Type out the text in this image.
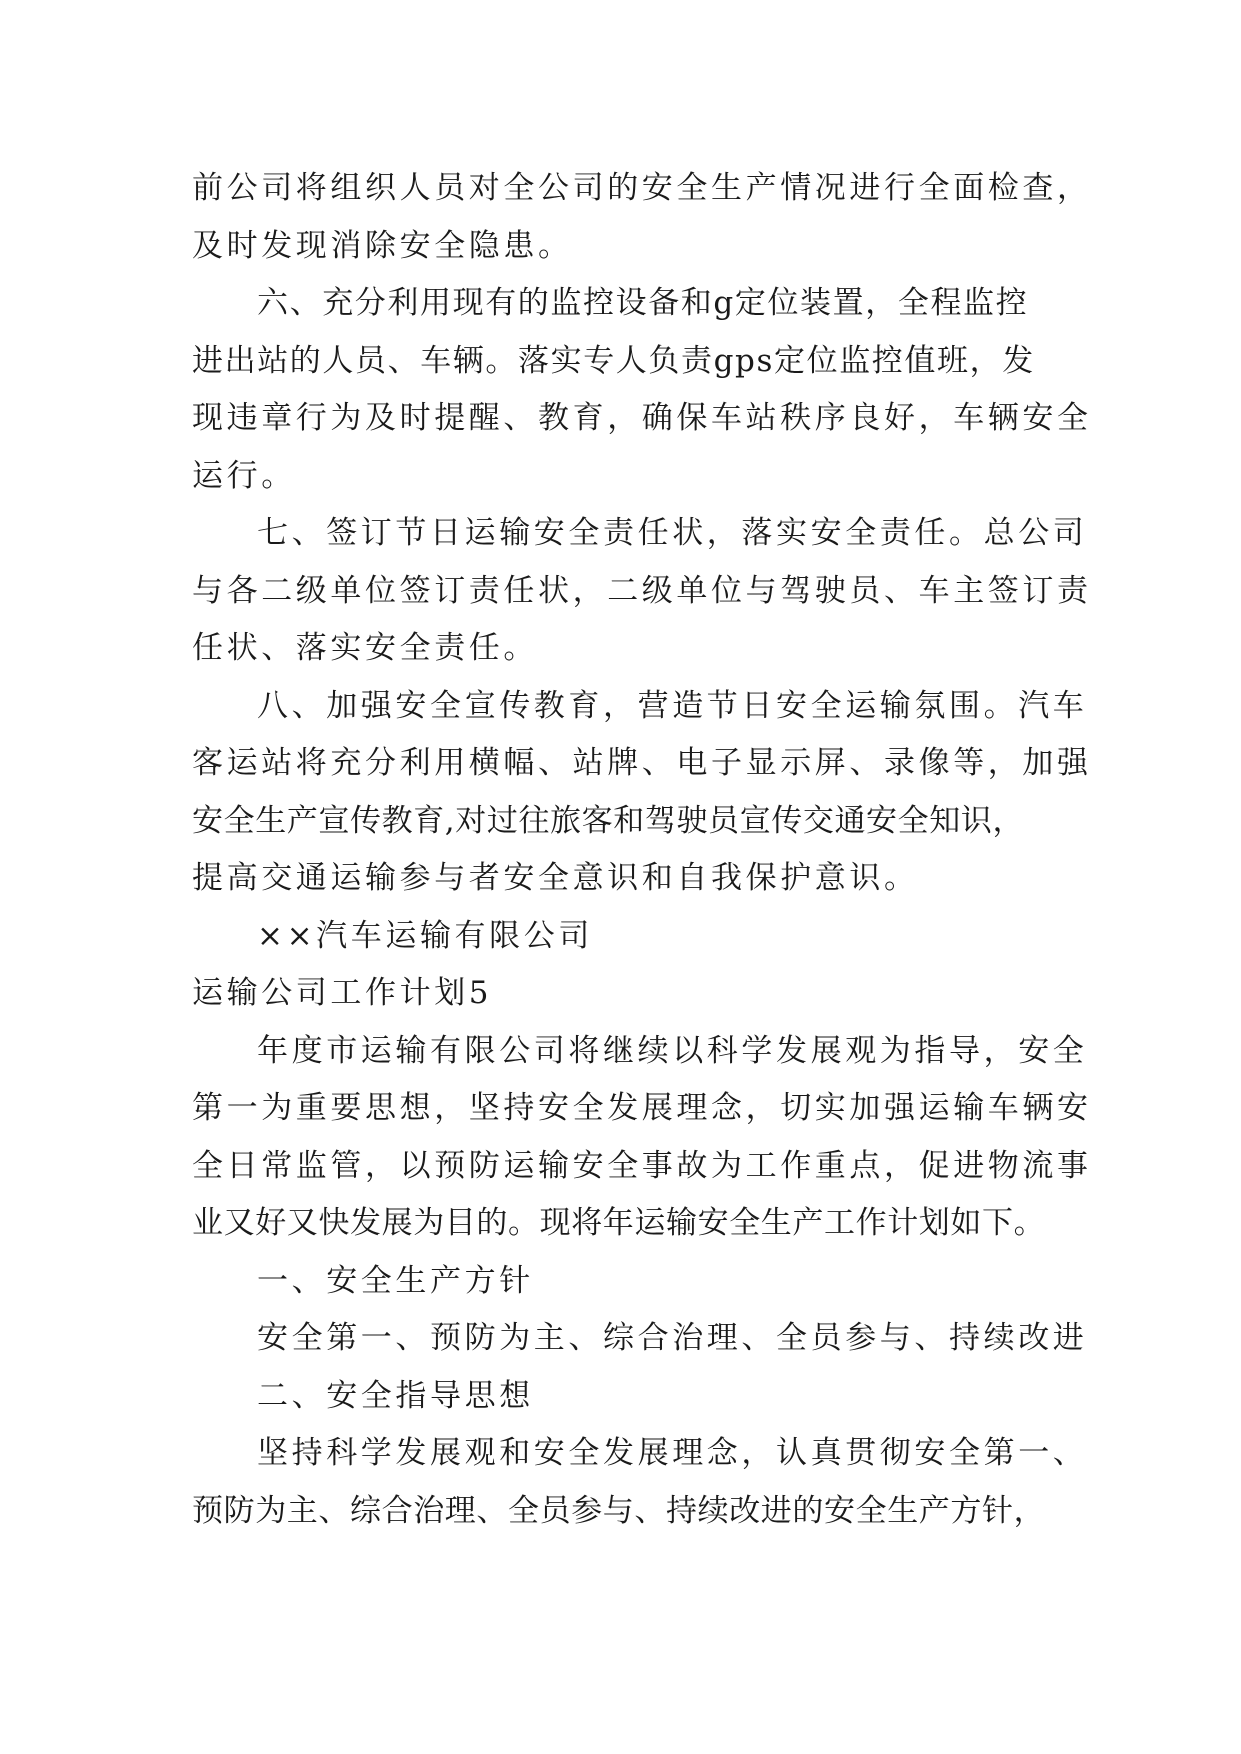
前公司将组织人员对全公司的安全生产情况进行全面检查，
及时发现消除安全隐患。
六、充分利用现有的监控设备和g定位装置，全程监控
进出站的人员、车辆。落实专人负责gps定位监控值班，发
现违章行为及时提醒、教育，确保车站秩序良好，车辆安全
运行。
七、签订节日运输安全责任状，落实安全责任。总公司
与各二级单位签订责任状，二级单位与驾驶员、车主签订责
任状、落实安全责任。
八、加强安全宣传教育，营造节日安全运输氛围。汽车
客运站将充分利用横幅、站牌、电子显示屏、录像等，加强
安全生产宣传教育,对过往旅客和驾驶员宣传交通安全知识，
提高交通运输参与者安全意识和自我保护意识。
××汽车运输有限公司
运输公司工作计划5
年度市运输有限公司将继续以科学发展观为指导，安全
第一为重要思想，坚持安全发展理念，切实加强运输车辆安
全日常监管，以预防运输安全事故为工作重点，促进物流事
业又好又快发展为目的。现将年运输安全生产工作计划如下。
一、安全生产方针
安全第一、预防为主、综合治理、全员参与、持续改进
二、安全指导思想
坚持科学发展观和安全发展理念，认真贯彻安全第一、
预防为主、综合治理、全员参与、持续改进的安全生产方针，
